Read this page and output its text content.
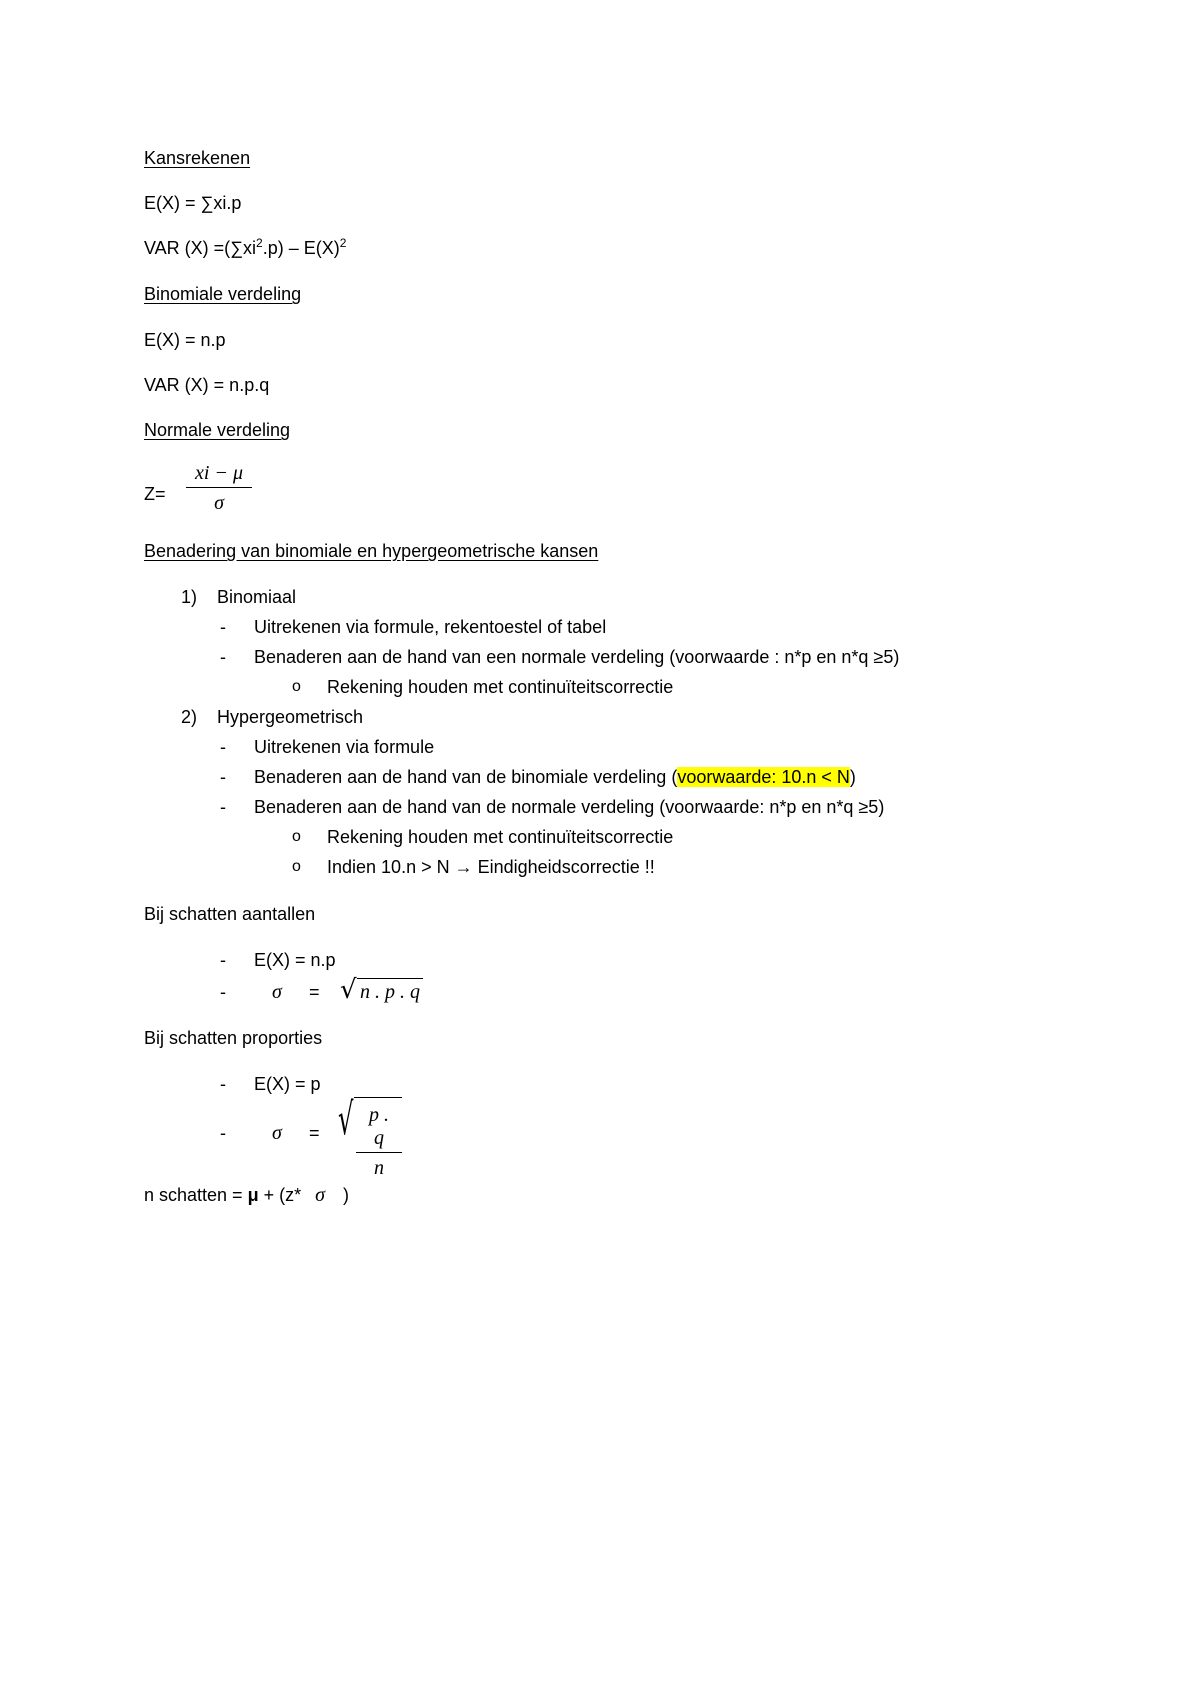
Kansrekenen
E(X) = ∑xi.p
VAR $(X) =(\sum xi^2.p) - E(X)^2$
Binomiale verdeling
E(X) = n.p
VAR (X) = n.p.q
Normale verdeling
$Z= \frac{xi - \mu}{\sigma}$
Benadering van binomiale en hypergeometrische kansen
1) Binomiaal
- Uitrekenen via formule, rekentoestel of tabel
- Benaderen aan de hand van een normale verdeling (voorwaarde : n*p en n*q ≥5)
o Rekening houden met continuïteitscorrectie
2) Hypergeometrisch
- Uitrekenen via formule
- Benaderen aan de hand van de binomiale verdeling (voorwaarde: 10.n < N)
- Benaderen aan de hand van de normale verdeling (voorwaarde: n*p en n*q ≥5)
o Rekening houden met continuïteitscorrectie
o Indien 10.n > N → Eindigheidscorrectie !!
Bij schatten aantallen
- E(X) = n.p
- σ = √ n . p . q
Bij schatten proporties
- E(X) = p
- σ = √ $\frac{p . q}{n}$
n schatten = μ + (z* σ )
